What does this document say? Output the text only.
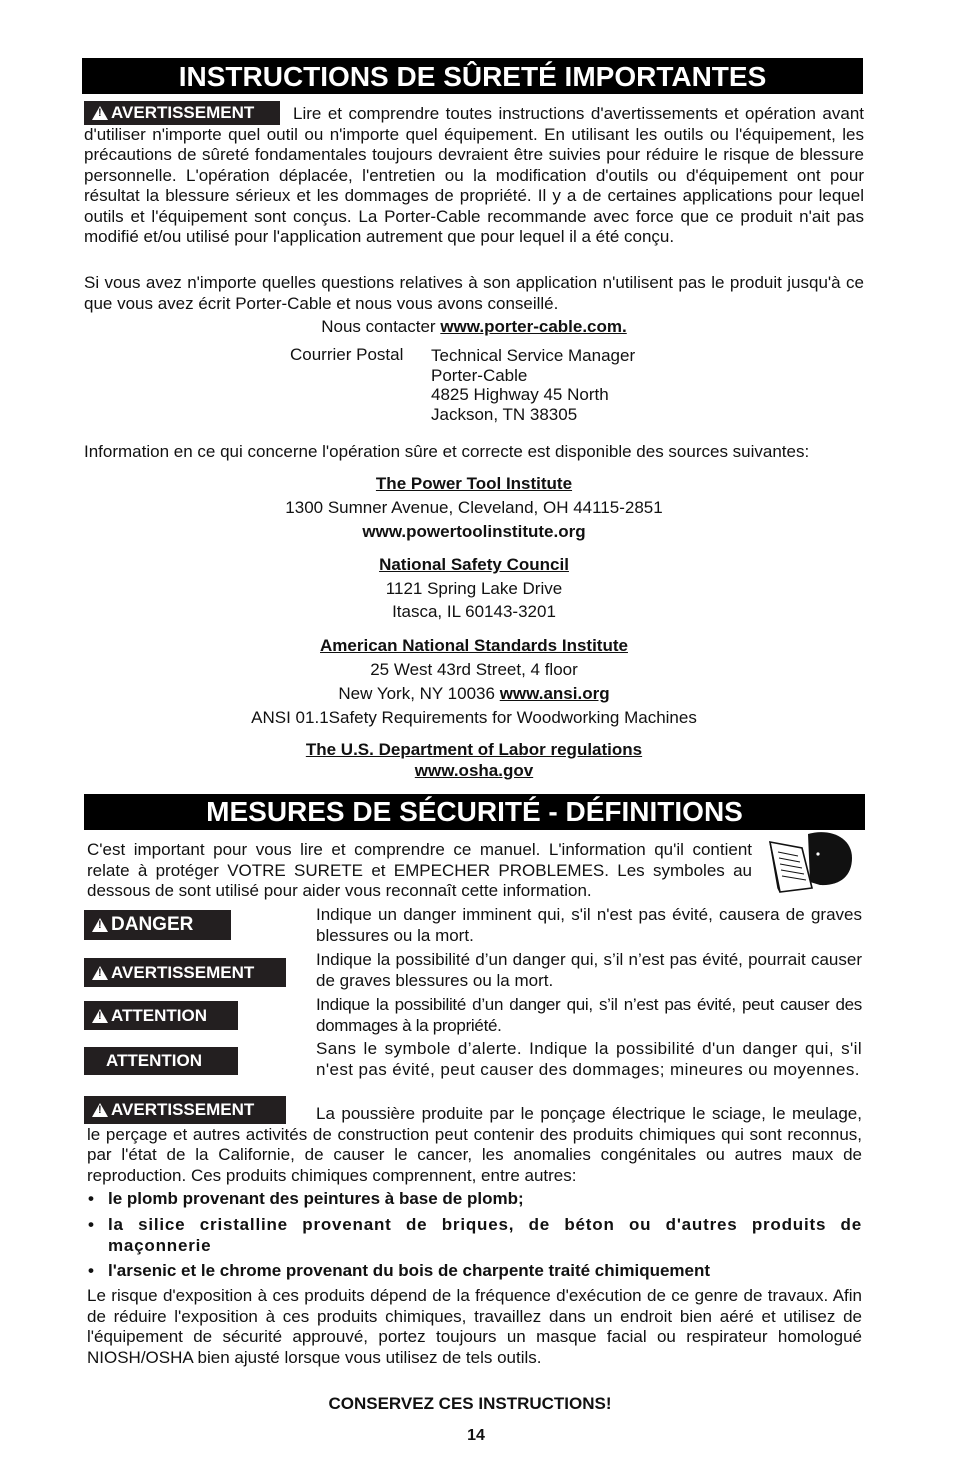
INSTRUCTIONS DE SÛRETÉ IMPORTANTES
!
AVERTISSEMENT	Lire et comprendre toutes instructions d'avertissements et opération avant d'utiliser n'importe quel outil ou n'importe quel équipement. En utilisant les outils ou l'équipement, les précautions de sûreté fondamentales toujours devraient être suivies pour réduire le risque de blessure personnelle. L'opération déplacée, l'entretien ou la modification d'outils ou d'équipement ont pour résultat la blessure sérieux et les dommages de propriété. Il y a de certaines applications pour lequel outils et l'équipement sont conçus. La Porter-Cable recommande avec force que ce produit n'ait pas modifié et/ou utilisé pour l'application autrement que pour lequel il a été conçu.
Si vous avez n'importe quelles questions relatives à son application n'utilisent pas le produit jusqu'à ce que vous avez écrit Porter-Cable et nous vous avons conseillé.
Nous contacter www.porter-cable.com.
Courrier Postal Technical Service Manager
Porter-Cable
4825 Highway 45 North
Jackson, TN 38305
Information en ce qui concerne l'opération sûre et correcte est disponible des sources suivantes:
The Power Tool Institute
1300 Sumner Avenue, Cleveland, OH 44115-2851
www.powertoolinstitute.org
National Safety Council
1121 Spring Lake Drive
Itasca, IL 60143-3201
American National Standards Institute
25 West 43rd Street, 4 floor
New York, NY 10036 www.ansi.org
ANSI 01.1Safety Requirements for Woodworking Machines
The U.S. Department of Labor regulations
www.osha.gov
MESURES DE SÉCURITÉ - DÉFINITIONS
C'est important pour vous lire et comprendre ce manuel. L'information qu'il contient relate à protéger VOTRE SURETE et EMPECHER PROBLEMES. Les symboles au dessous de sont utilisé pour aider vous reconnaît cette information.
!
DANGER	Indique un danger imminent qui, s'il n'est pas évité, causera de graves blessures ou la mort.
!
AVERTISSEMENT
Indique la possibilité d’un danger qui, s’il n’est pas évité, pourrait causer de graves blessures ou la mort.
!
ATTENTION
Indique la possibilité d’un danger qui, s’il n’est pas évité, peut causer des dommages à la propriété.
ATTENTION
Sans le symbole d’alerte. Indique la possibilité d'un danger qui, s'il n'est pas évité, peut causer des dommages; mineures ou moyennes.
!
AVERTISSEMENT	La poussière produite par le ponçage électrique le sciage, le meulage, le perçage et autres activités de construction peut contenir des produits chimiques qui sont reconnus, par l'état de la Californie, de causer le cancer, les anomalies congénitales ou autres maux de reproduction. Ces produits chimiques comprennent, entre autres:
• le plomb provenant des peintures à base de plomb;
• la silice cristalline provenant de briques, de béton ou d'autres produits de maçonnerie
• l'arsenic et le chrome provenant du bois de charpente traité chimiquement
Le risque d'exposition à ces produits dépend de la fréquence d'exécution de ce genre de travaux. Afin de réduire l'exposition à ces produits chimiques, travaillez dans un endroit bien aéré et utilisez de l'équipement de sécurité approuvé, portez toujours un masque facial ou respirateur homologué NIOSH/OSHA bien ajusté lorsque vous utilisez de tels outils.
CONSERVEZ CES INSTRUCTIONS!
14
